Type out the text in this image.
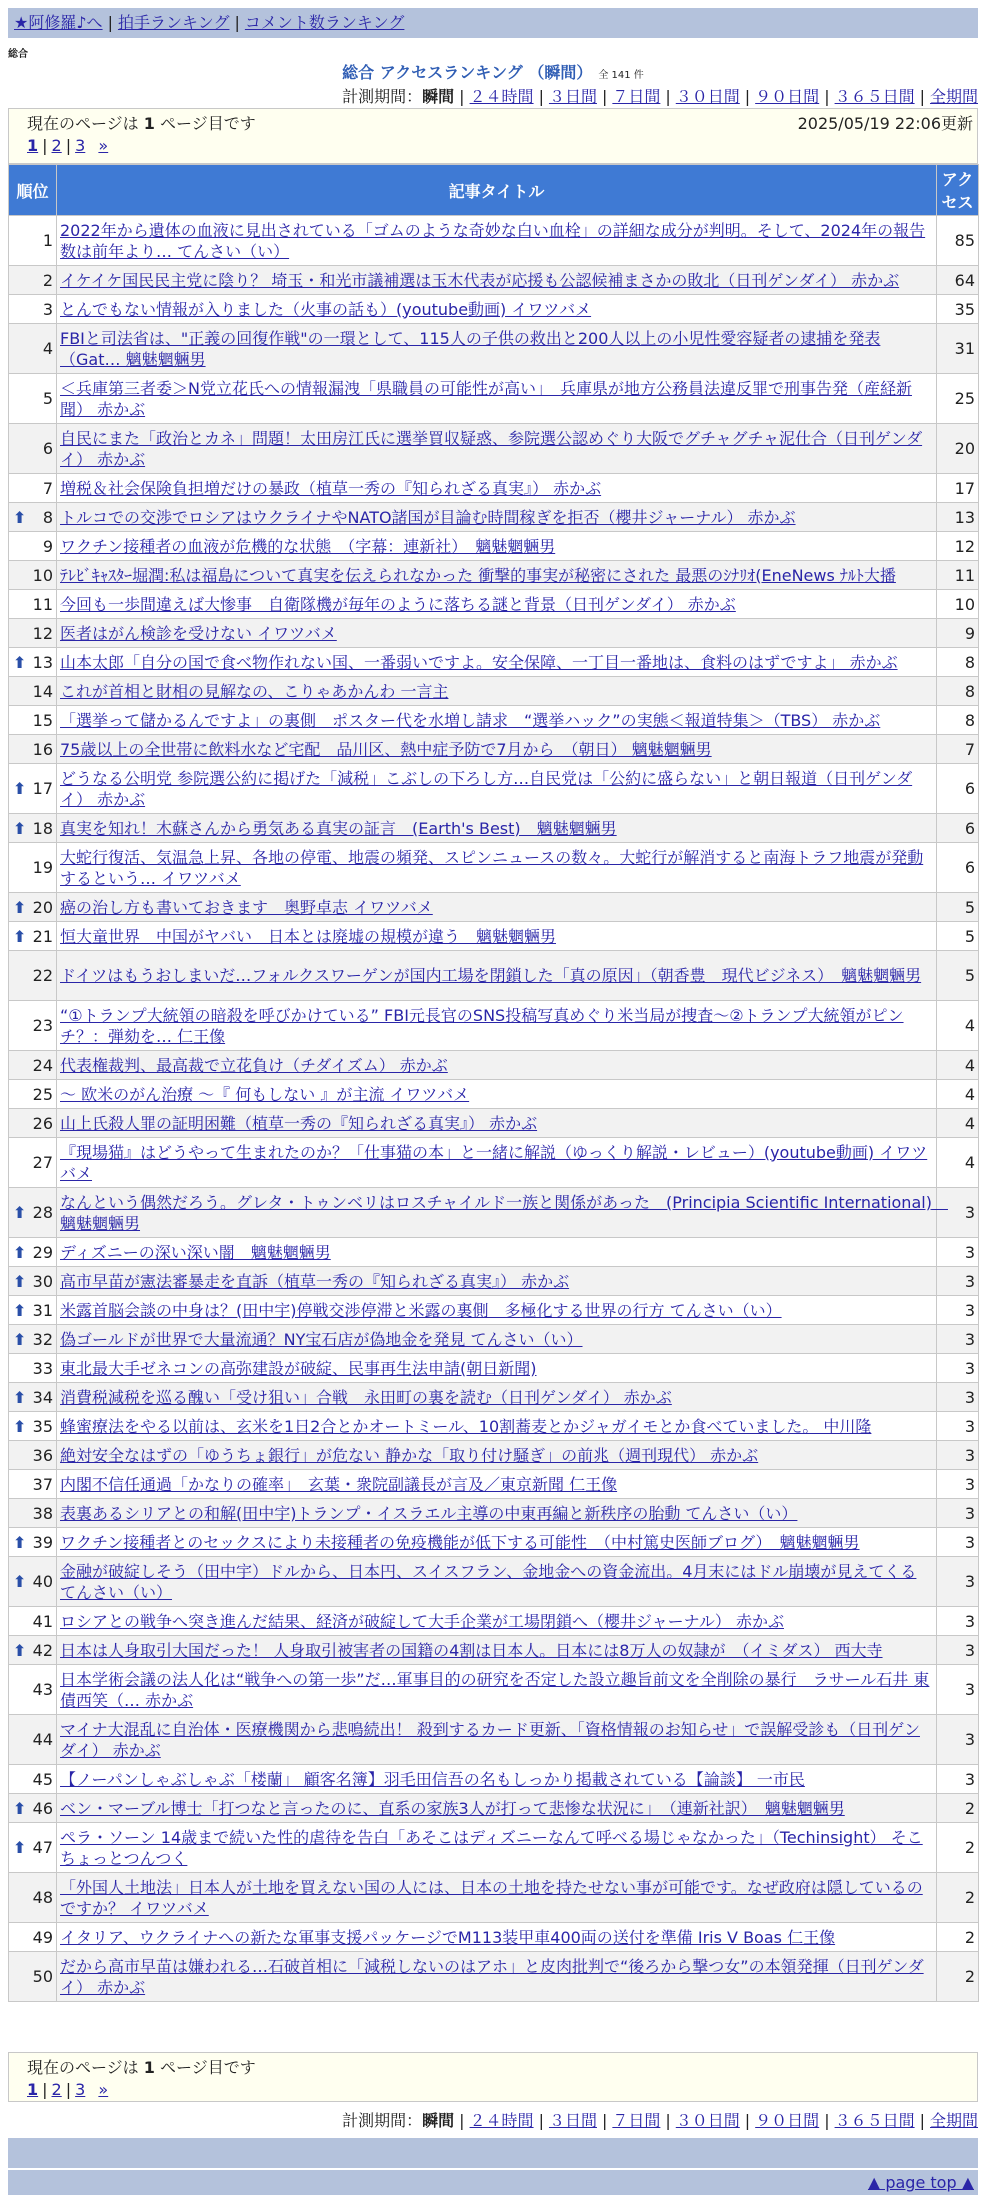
★阿修羅♪へ | 拍手ランキング | コメント数ランキング
総合
総合 アクセスランキング （瞬間） 全 141 件
計測期間：瞬間 | ２４時間 | ３日間 | ７日間 | ３０日間 | ９０日間 | ３６５日間 | 全期間
現在のページは 1 ページ目です	2025/05/19 22:06更新
1 | 2 | 3 »
順位	記事タイトル	アクセス
1	2022年から遺体の血液に見出されている「ゴムのような奇妙な白い血栓」の詳細な成分が判明。そして、2024年の報告数は前年より… てんさい（い）	85
2	イケイケ国民民主党に陰り？ 埼玉・和光市議補選は玉木代表が応援も公認候補まさかの敗北（日刊ゲンダイ） 赤かぶ	64
3	とんでもない情報が入りました（火事の話も）(youtube動画) イワツバメ	35
4	FBIと司法省は、"正義の回復作戦"の一環として、115人の子供の救出と200人以上の小児性愛容疑者の逮捕を発表（Gat… 魑魅魍魎男	31
5	＜兵庫第三者委＞N党立花氏への情報漏洩「県職員の可能性が高い」　兵庫県が地方公務員法違反罪で刑事告発（産経新聞） 赤かぶ	25
6	自民にまた「政治とカネ」問題！太田房江氏に選挙買収疑惑、参院選公認めぐり大阪でグチャグチャ泥仕合（日刊ゲンダイ） 赤かぶ	20
7	増税＆社会保険負担増だけの暴政（植草一秀の『知られざる真実』） 赤かぶ	17

⬆ 8	トルコでの交渉でロシアはウクライナやNATO諸国が目論む時間稼ぎを拒否（櫻井ジャーナル） 赤かぶ	13
9	ワクチン接種者の血液が危機的な状態　（字幕：連新社）　魑魅魍魎男	12
10	ﾃﾚﾋﾞｷｬｽﾀｰ堀潤:私は福島について真実を伝えられなかった 衝撃的事実が秘密にされた 最悪のｼﾅﾘｵ(EneNews ﾅﾙﾄ大播	11
11	今回も一歩間違えば大惨事　自衛隊機が毎年のように落ちる謎と背景（日刊ゲンダイ） 赤かぶ	10
12	医者はがん検診を受けない イワツバメ	9

⬆ 13	山本太郎「自分の国で食べ物作れない国、一番弱いですよ。安全保障、一丁目一番地は、食料のはずですよ」 赤かぶ	8
14	これが首相と財相の見解なの、こりゃあかんわ 一言主	8
15	「選挙って儲かるんですよ」の裏側　ポスター代を水増し請求　“選挙ハック”の実態＜報道特集＞（TBS） 赤かぶ	8
16	75歳以上の全世帯に飲料水など宅配　品川区、熱中症予防で7月から　（朝日） 魑魅魍魎男	7

⬆ 17	どうなる公明党 参院選公約に掲げた「減税」こぶしの下ろし方…自民党は「公約に盛らない」と朝日報道（日刊ゲンダイ） 赤かぶ	6

⬆ 18	真実を知れ！木蘇さんから勇気ある真実の証言　(Earth's Best)　魑魅魍魎男	6
19	大蛇行復活、気温急上昇、各地の停電、地震の頻発、スピンニュースの数々。大蛇行が解消すると南海トラフ地震が発動するという… イワツバメ	6

⬆ 20	癌の治し方も書いておきます　奥野卓志 イワツバメ	5

⬆ 21	恒大童世界　中国がヤバい　日本とは廃墟の規模が違う　魑魅魍魎男	5
22	ドイツはもうおしまいだ…フォルクスワーゲンが国内工場を閉鎖した「真の原因」（朝香豊　現代ビジネス）　魑魅魍魎男	5
23	“①トランプ大統領の暗殺を呼びかけている” FBI元長官のSNS投稿写真めぐり米当局が捜査〜②トランプ大統領がピンチ？：弾劾を… 仁王像	4
24	代表権裁判、最高裁で立花負け（チダイズム） 赤かぶ	4
25	〜 欧米のがん治療 〜『 何もしない 』が主流 イワツバメ	4
26	山上氏殺人罪の証明困難（植草一秀の『知られざる真実』） 赤かぶ	4
27	『現場猫』はどうやって生まれたのか？「仕事猫の本」と一緒に解説（ゆっくり解説・レビュー）(youtube動画) イワツバメ	4

⬆ 28	なんという偶然だろう。グレタ・トゥンベリはロスチャイルド一族と関係があった　(Principia Scientific International)　魑魅魍魎男	3

⬆ 29	ディズニーの深い深い闇　魑魅魍魎男	3

⬆ 30	高市早苗が憲法審暴走を直訴（植草一秀の『知られざる真実』） 赤かぶ	3

⬆ 31	米露首脳会談の中身は？(田中宇)停戦交渉停滞と米露の裏側　多極化する世界の行方 てんさい（い）	3

⬆ 32	偽ゴールドが世界で大量流通？NY宝石店が偽地金を発見 てんさい（い）	3
33	東北最大手ゼネコンの高弥建設が破綻、民事再生法申請(朝日新聞)	3

⬆ 34	消費税減税を巡る醜い「受け狙い」合戦　永田町の裏を読む（日刊ゲンダイ） 赤かぶ	3

⬆ 35	蜂蜜療法をやる以前は、玄米を1日2合とかオートミール、10割蕎麦とかジャガイモとか食べていました。 中川隆	3
36	絶対安全なはずの「ゆうちょ銀行」が危ない 静かな「取り付け騒ぎ」の前兆（週刊現代） 赤かぶ	3
37	内閣不信任通過「かなりの確率」　玄葉・衆院副議長が言及／東京新聞 仁王像	3
38	表裏あるシリアとの和解(田中宇)トランプ・イスラエル主導の中東再編と新秩序の胎動 てんさい（い）	3

⬆ 39	ワクチン接種者とのセックスにより未接種者の免疫機能が低下する可能性　（中村篤史医師ブログ）　魑魅魍魎男	3

⬆ 40	金融が破綻しそう（田中宇）ドルから、日本円、スイスフラン、金地金への資金流出。4月末にはドル崩壊が見えてくる てんさい（い）	3
41	ロシアとの戦争へ突き進んだ結果、経済が破綻して大手企業が工場閉鎖へ（櫻井ジャーナル） 赤かぶ	3

⬆ 42	日本は人身取引大国だった！ 人身取引被害者の国籍の4割は日本人。日本には8万人の奴隷が　（イミダス） 西大寺	3
43	日本学術会議の法人化は“戦争への第一歩”だ…軍事目的の研究を否定した設立趣旨前文を全削除の暴行　ラサール石井 東債西笑（… 赤かぶ	3
44	マイナ大混乱に自治体・医療機関から悲鳴続出！ 殺到するカード更新、「資格情報のお知らせ」で誤解受診も（日刊ゲンダイ） 赤かぶ	3
45	【ノーパンしゃぶしゃぶ「楼蘭」 顧客名簿】羽毛田信吾の名もしっかり掲載されている【論談】 一市民	3

⬆ 46	ベン・マーブル博士「打つなと言ったのに、直系の家族3人が打って悲惨な状況に」　（連新社訳）　魑魅魍魎男	2

⬆ 47	ペラ・ソーン 14歳まで続いた性的虐待を告白「あそこはディズニーなんて呼べる場じゃなかった」（Techinsight） そこちょっとつんつく	2
48	「外国人土地法」日本人が土地を買えない国の人には、日本の土地を持たせない事が可能です。なぜ政府は隠しているのですか？ イワツバメ	2
49	イタリア、ウクライナへの新たな軍事支援パッケージでM113装甲車400両の送付を準備 Iris V Boas 仁王像	2
50	だから高市早苗は嫌われる…石破首相に「減税しないのはアホ」と皮肉批判で“後ろから撃つ女”の本領発揮（日刊ゲンダイ） 赤かぶ	2
現在のページは 1 ページ目です
1 | 2 | 3 »
計測期間：瞬間 | ２４時間 | ３日間 | ７日間 | ３０日間 | ９０日間 | ３６５日間 | 全期間
▲ page top ▲
